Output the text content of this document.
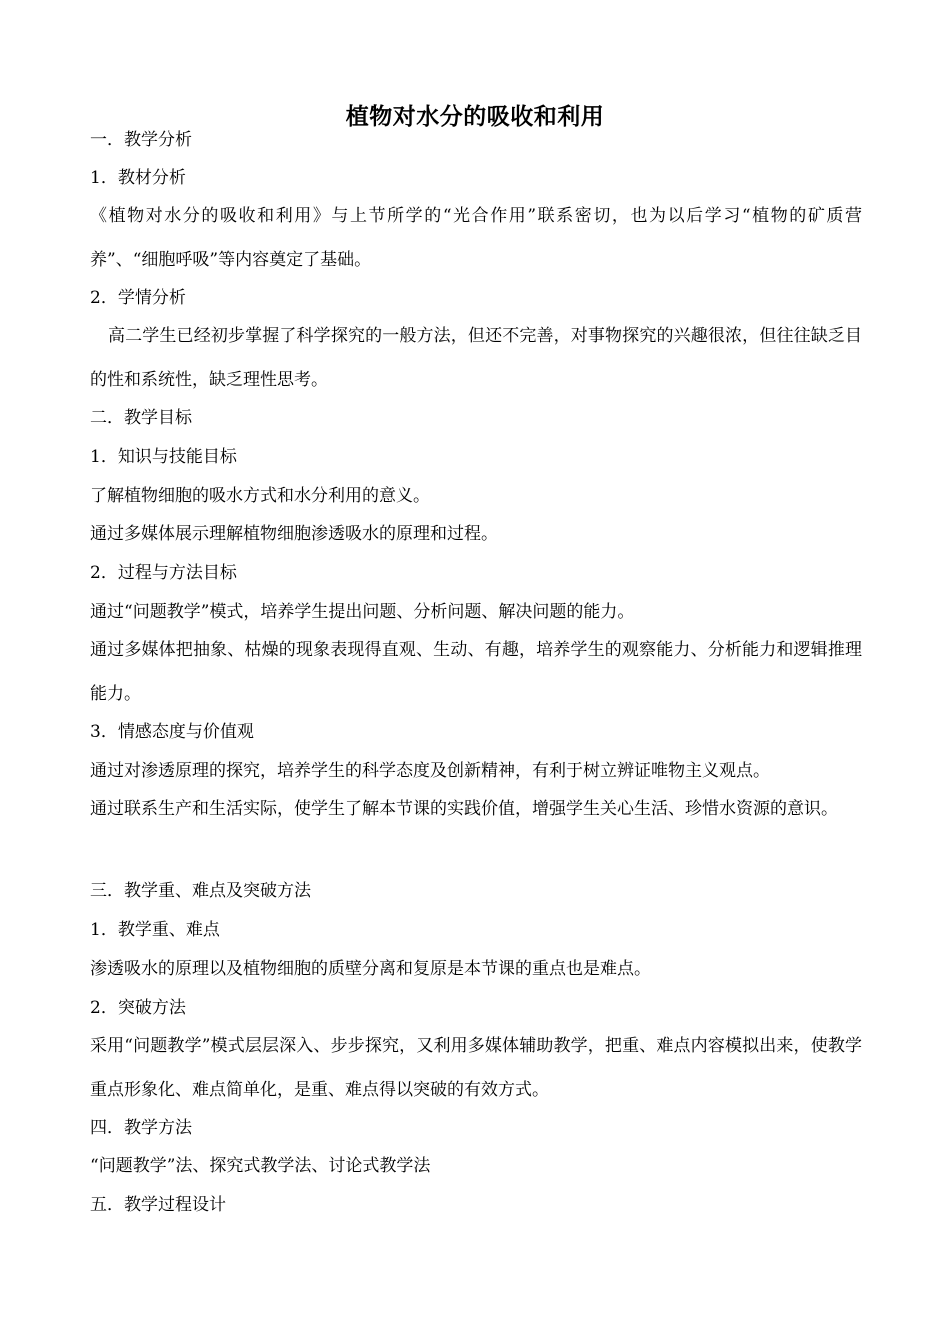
植物对水分的吸收和利用
一．教学分析
1．教材分析
《植物对水分的吸收和利用》与上节所学的“光合作用”联系密切，也为以后学习“植物的矿质营养”、“细胞呼吸”等内容奠定了基础。
2．学情分析
高二学生已经初步掌握了科学探究的一般方法，但还不完善，对事物探究的兴趣很浓，但往往缺乏目的性和系统性，缺乏理性思考。
二．教学目标
1．知识与技能目标
了解植物细胞的吸水方式和水分利用的意义。
通过多媒体展示理解植物细胞渗透吸水的原理和过程。
2．过程与方法目标
通过“问题教学”模式，培养学生提出问题、分析问题、解决问题的能力。
通过多媒体把抽象、枯燥的现象表现得直观、生动、有趣，培养学生的观察能力、分析能力和逻辑推理能力。
3．情感态度与价值观
通过对渗透原理的探究，培养学生的科学态度及创新精神，有利于树立辨证唯物主义观点。
通过联系生产和生活实际，使学生了解本节课的实践价值，增强学生关心生活、珍惜水资源的意识。
三．教学重、难点及突破方法
1．教学重、难点
渗透吸水的原理以及植物细胞的质壁分离和复原是本节课的重点也是难点。
2．突破方法
采用“问题教学”模式层层深入、步步探究，又利用多媒体辅助教学，把重、难点内容模拟出来，使教学重点形象化、难点简单化，是重、难点得以突破的有效方式。
四．教学方法
“问题教学”法、探究式教学法、讨论式教学法
五．教学过程设计
